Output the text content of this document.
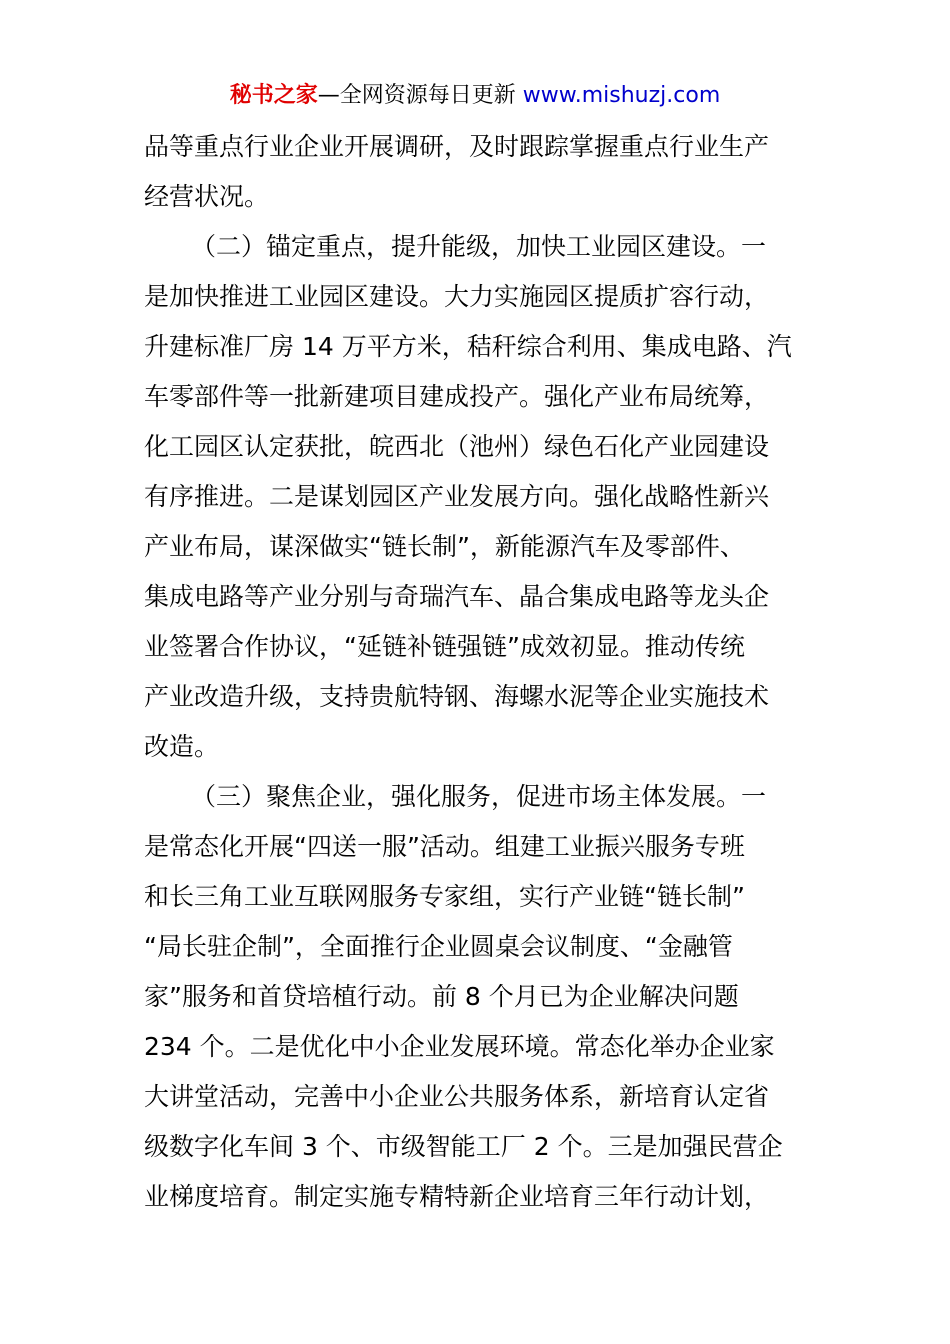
秘书之家—全网资源每日更新 www.mishuzj.com
品等重点行业企业开展调研，及时跟踪掌握重点行业生产
经营状况。
（二）锚定重点，提升能级，加快工业园区建设。一
是加快推进工业园区建设。大力实施园区提质扩容行动，
升建标准厂房 14 万平方米，秸秆综合利用、集成电路、汽
车零部件等一批新建项目建成投产。强化产业布局统筹，
化工园区认定获批，皖西北（池州）绿色石化产业园建设
有序推进。二是谋划园区产业发展方向。强化战略性新兴
产业布局，谋深做实“链长制”，新能源汽车及零部件、
集成电路等产业分别与奇瑞汽车、晶合集成电路等龙头企
业签署合作协议，“延链补链强链”成效初显。推动传统
产业改造升级，支持贵航特钢、海螺水泥等企业实施技术
改造。
（三）聚焦企业，强化服务，促进市场主体发展。一
是常态化开展“四送一服”活动。组建工业振兴服务专班
和长三角工业互联网服务专家组，实行产业链“链长制”
“局长驻企制”，全面推行企业圆桌会议制度、“金融管
家”服务和首贷培植行动。前 8 个月已为企业解决问题
234 个。二是优化中小企业发展环境。常态化举办企业家
大讲堂活动，完善中小企业公共服务体系，新培育认定省
级数字化车间 3 个、市级智能工厂 2 个。三是加强民营企
业梯度培育。制定实施专精特新企业培育三年行动计划，
